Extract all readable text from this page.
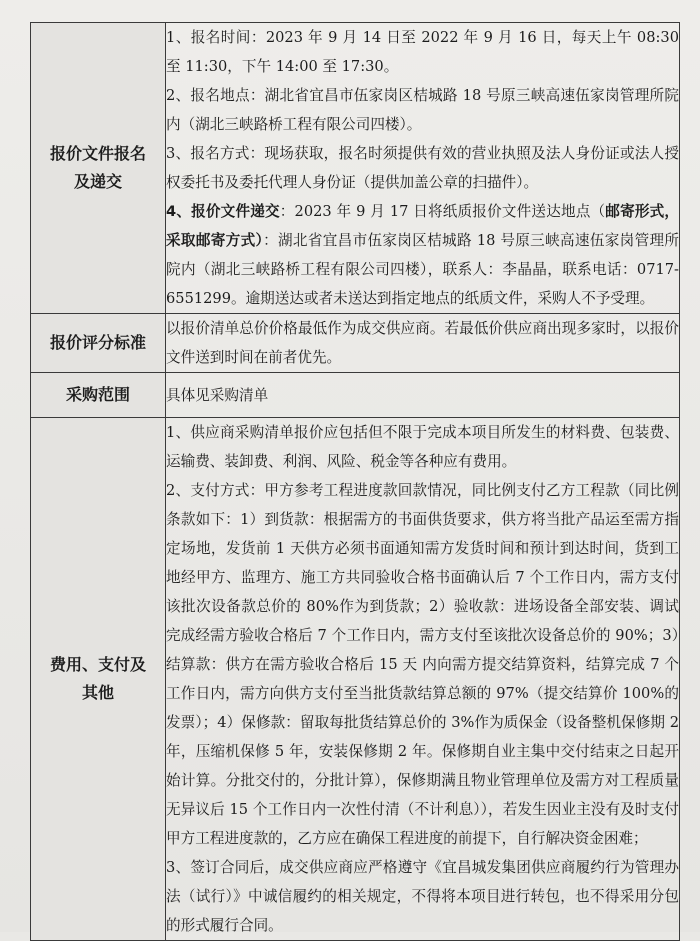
报价文件报名及递交	1、报名时间：2023 年 9 月 14 日至 2022 年 9 月 16 日，每天上午 08:30 至 11:30，下午 14:00 至 17:30。

2、报名地点：湖北省宜昌市伍家岗区桔城路 18 号原三峡高速伍家岗管理所院内（湖北三峡路桥工程有限公司四楼）。

3、报名方式：现场获取，报名时须提供有效的营业执照及法人身份证或法人授权委托书及委托代理人身份证（提供加盖公章的扫描件）。

4、报价文件递交：2023 年 9 月 17 日将纸质报价文件送达地点（邮寄形式，采取邮寄方式）：湖北省宜昌市伍家岗区桔城路 18 号原三峡高速伍家岗管理所院内（湖北三峡路桥工程有限公司四楼），联系人：李晶晶，联系电话：0717-6551299。逾期送达或者未送达到指定地点的纸质文件，采购人不予受理。

报价评分标准	以报价清单总价价格最低作为成交供应商。若最低价供应商出现多家时，以报价文件送到时间在前者优先。

采购范围	具体见采购清单

费用、支付及其他	1、供应商采购清单报价应包括但不限于完成本项目所发生的材料费、包装费、运输费、装卸费、利润、风险、税金等各种应有费用。

2、支付方式：甲方参考工程进度款回款情况，同比例支付乙方工程款（同比例条款如下：1）到货款：根据需方的书面供货要求，供方将当批产品运至需方指定场地，发货前 1 天供方必须书面通知需方发货时间和预计到达时间，货到工地经甲方、监理方、施工方共同验收合格书面确认后 7 个工作日内，需方支付该批次设备款总价的 80%作为到货款；2）验收款：进场设备全部安装、调试完成经需方验收合格后 7 个工作日内，需方支付至该批次设备总价的 90%；3）结算款：供方在需方验收合格后 15 天 内向需方提交结算资料，结算完成 7 个工作日内，需方向供方支付至当批货款结算总额的 97%（提交结算价 100%的发票）；4）保修款：留取每批货结算总价的 3%作为质保金（设备整机保修期 2 年，压缩机保修 5 年，安装保修期 2 年。保修期自业主集中交付结束之日起开始计算。分批交付的，分批计算），保修期满且物业管理单位及需方对工程质量无异议后 15 个工作日内一次性付清（不计利息）），若发生因业主没有及时支付甲方工程进度款的，乙方应在确保工程进度的前提下，自行解决资金困难；

3、签订合同后，成交供应商应严格遵守《宜昌城发集团供应商履约行为管理办法（试行）》中诚信履约的相关规定，不得将本项目进行转包，也不得采用分包的形式履行合同。
